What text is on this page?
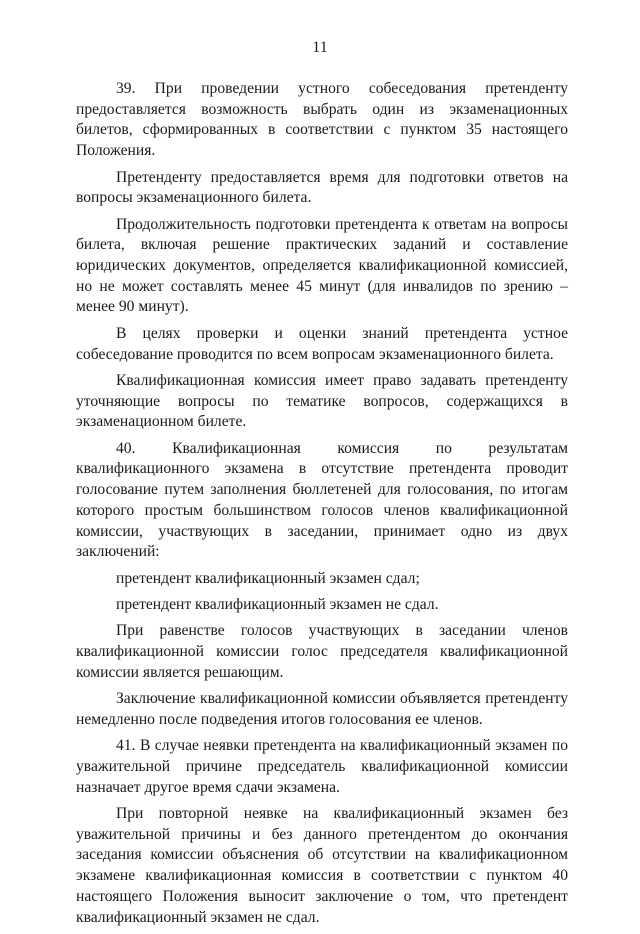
11

39. При проведении устного собеседования претенденту предоставляется возможность выбрать один из экзаменационных билетов, сформированных в соответствии с пунктом 35 настоящего Положения.

Претенденту предоставляется время для подготовки ответов на вопросы экзаменационного билета.

Продолжительность подготовки претендента к ответам на вопросы билета, включая решение практических заданий и составление юридических документов, определяется квалификационной комиссией, но не может составлять менее 45 минут (для инвалидов по зрению – менее 90 минут).

В целях проверки и оценки знаний претендента устное собеседование проводится по всем вопросам экзаменационного билета.

Квалификационная комиссия имеет право задавать претенденту уточняющие вопросы по тематике вопросов, содержащихся в экзаменационном билете.

40. Квалификационная комиссия по результатам квалификационного экзамена в отсутствие претендента проводит голосование путем заполнения бюллетеней для голосования, по итогам которого простым большинством голосов членов квалификационной комиссии, участвующих в заседании, принимает одно из двух заключений:

претендент квалификационный экзамен сдал;

претендент квалификационный экзамен не сдал.

При равенстве голосов участвующих в заседании членов квалификационной комиссии голос председателя квалификационной комиссии является решающим.

Заключение квалификационной комиссии объявляется претенденту немедленно после подведения итогов голосования ее членов.

41. В случае неявки претендента на квалификационный экзамен по уважительной причине председатель квалификационной комиссии назначает другое время сдачи экзамена.

При повторной неявке на квалификационный экзамен без уважительной причины и без данного претендентом до окончания заседания комиссии объяснения об отсутствии на квалификационном экзамене квалификационная комиссия в соответствии с пунктом 40 настоящего Положения выносит заключение о том, что претендент квалификационный экзамен не сдал.
